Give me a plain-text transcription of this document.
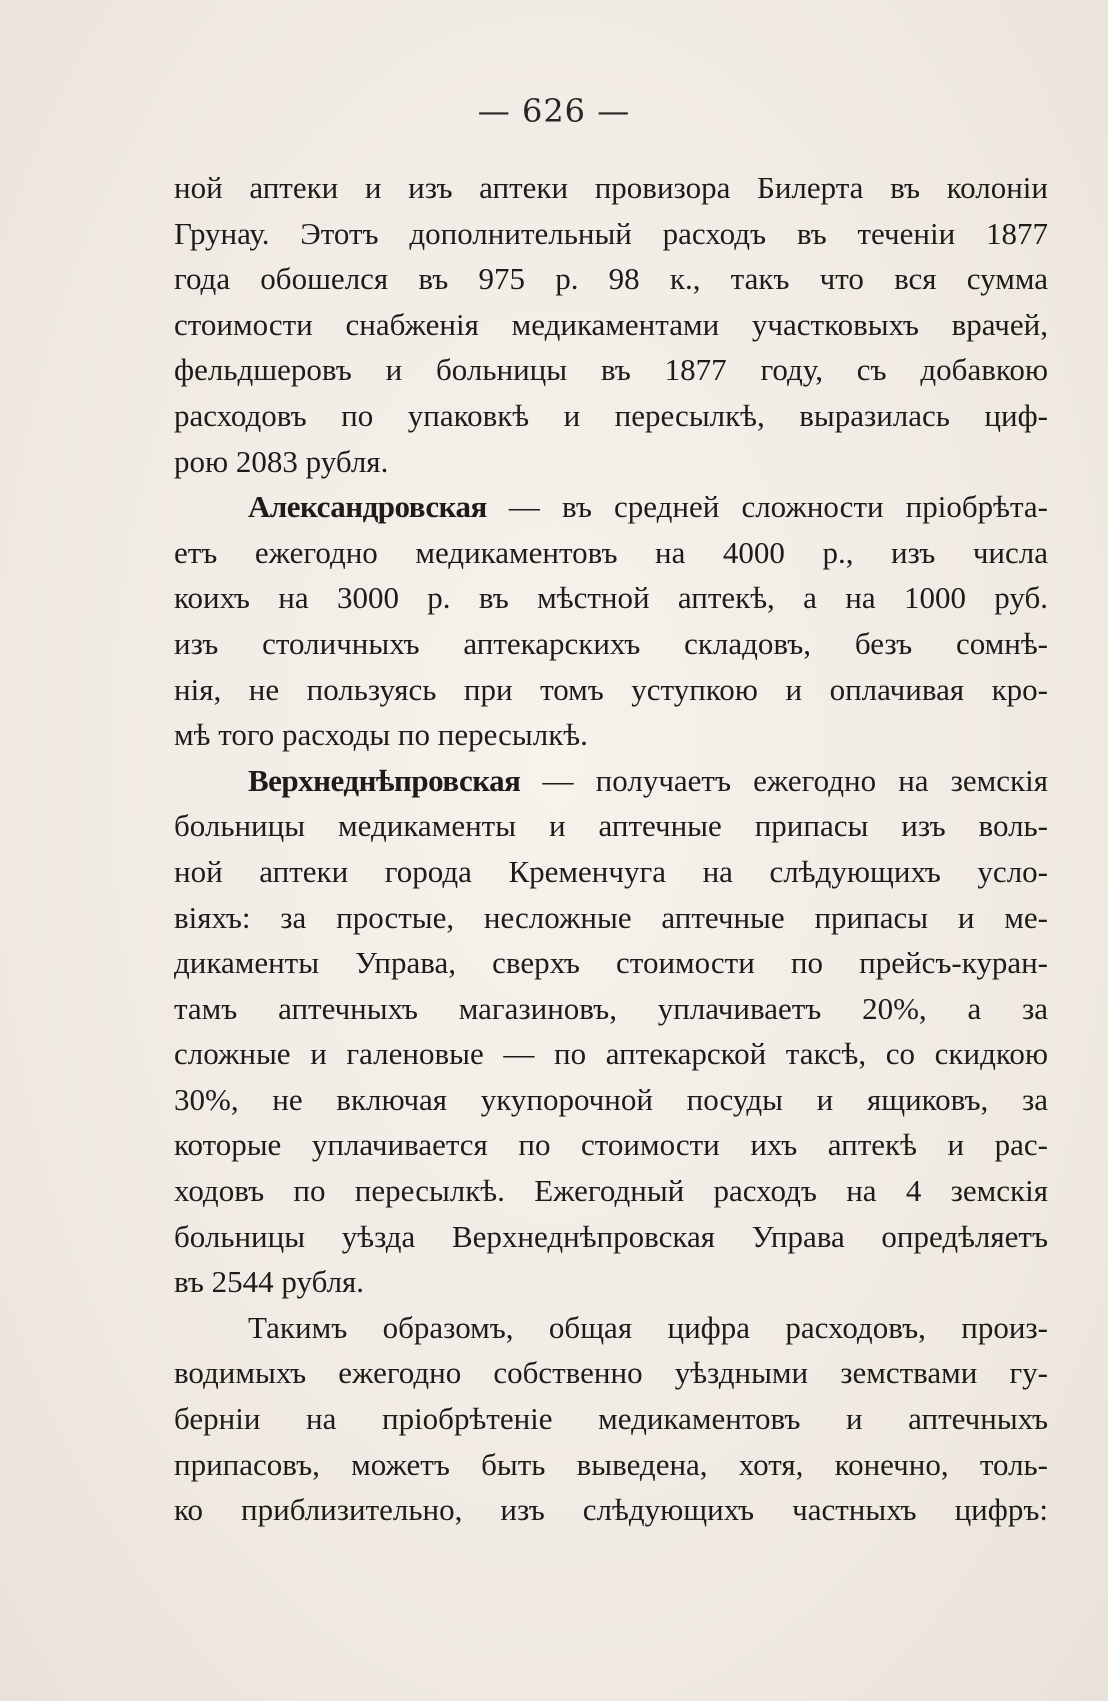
— 626 —
ной аптеки и изъ аптеки провизора Билерта въ колонiи
Грунау. Этотъ дополнительный расходъ въ теченiи 1877
года обошелся въ 975 р. 98 к., такъ что вся сумма
стоимости снабженiя медикаментами участковыхъ врачей,
фельдшеровъ и больницы въ 1877 году, съ добавкою
расходовъ по упаковкѣ и пересылкѣ, выразилась циф-
рою 2083 рубля.
Александровская — въ средней сложности прiобрѣта-
етъ ежегодно медикаментовъ на 4000 р., изъ числа
коихъ на 3000 р. въ мѣстной аптекѣ, а на 1000 руб.
изъ столичныхъ аптекарскихъ складовъ, безъ сомнѣ-
нiя, не пользуясь при томъ уступкою и оплачивая кро-
мѣ того расходы по пересылкѣ.
Верхнеднѣпровская — получаетъ ежегодно на земскiя
больницы медикаменты и аптечные припасы изъ воль-
ной аптеки города Кременчуга на слѣдующихъ усло-
вiяхъ: за простые, несложные аптечные припасы и ме-
дикаменты Управа, сверхъ стоимости по прейсъ-куран-
тамъ аптечныхъ магазиновъ, уплачиваетъ 20%, а за
сложные и галеновые — по аптекарской таксѣ, со скидкою
30%, не включая укупорочной посуды и ящиковъ, за
которые уплачивается по стоимости ихъ аптекѣ и рас-
ходовъ по пересылкѣ. Ежегодный расходъ на 4 земскiя
больницы уѣзда Верхнеднѣпровская Управа опредѣляетъ
въ 2544 рубля.
Такимъ образомъ, общая цифра расходовъ, произ-
водимыхъ ежегодно собственно уѣздными земствами гу-
бернiи на прiобрѣтенiе медикаментовъ и аптечныхъ
припасовъ, можетъ быть выведена, хотя, конечно, толь-
ко приблизительно, изъ слѣдующихъ частныхъ цифръ:
